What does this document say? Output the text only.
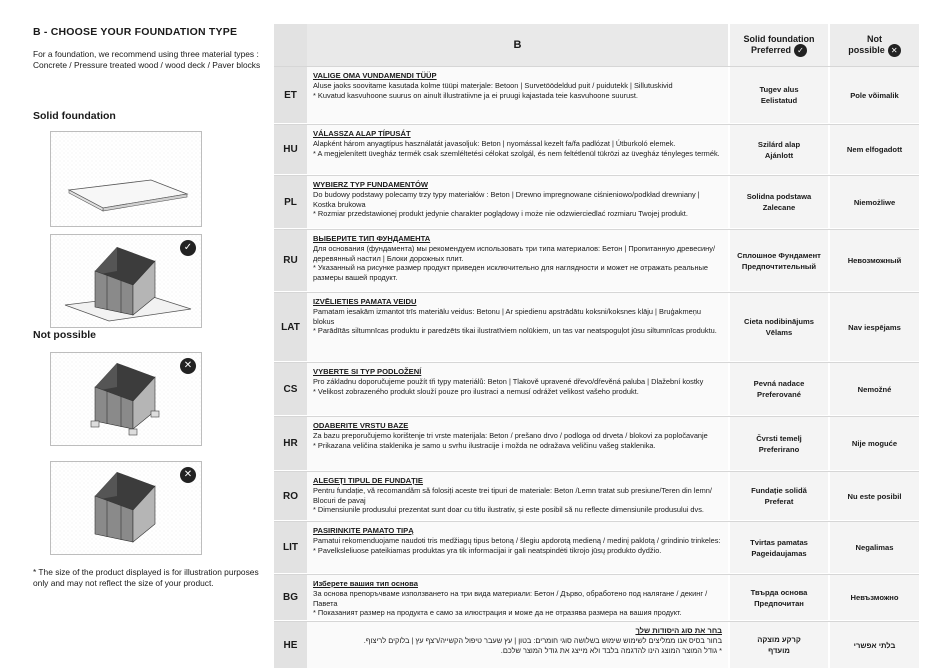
B - CHOOSE YOUR FOUNDATION TYPE
For a foundation, we recommend using three material types : Concrete / Pressure treated wood / wood deck / Paver blocks
Solid foundation
✓
Not possible
✕
✕
* The size of the product displayed is for illustration purposes only and may not reflect the size of your product.
B
Solid foundation
Preferred ✓
Not
possible ✕
ET
VALIGE OMA VUNDAMENDI TÜÜP
Aluse jaoks soovitame kasutada kolme tüüpi materjale: Betoon | Survetöödeldud puit / puidutekk | Sillutuskivid
* Kuvatud kasvuhoone suurus on ainult illustratiivne ja ei pruugi kajastada teie kasvuhoone suurust.
Tugev alus
Eelistatud
Pole võimalik
HU
VÁLASSZA ALAP TÍPUSÁT
Alapként három anyagtípus használatát javasoljuk: Beton | nyomással kezelt fa/fa padlózat | Útburkoló elemek.
* A megjelenített üvegház termék csak szemléltetési célokat szolgál, és nem feltétlenül tükrözi az üvegház tényleges termék.
Szilárd alap
Ajánlott
Nem elfogadott
PL
WYBIERZ TYP FUNDAMENTÓW
Do budowy podstawy polecamy trzy typy materiałów : Beton | Drewno impregnowane ciśnieniowo/podkład drewniany | Kostka brukowa
* Rozmiar przedstawionej produkt jedynie charakter poglądowy i może nie odzwierciedlać rozmiaru Twojej produkt.
Solidna podstawa
Zalecane
Niemożliwe
RU
ВЫБЕРИТЕ ТИП ФУНДАМЕНТА
Для основания (фундамента) мы рекомендуем использовать три типа материалов: Бетон | Пропитанную древесину/деревянный настил | Блоки дорожных плит.
* Указанный на рисунке размер продукт приведен исключительно для наглядности и может не отражать реальные размеры вашей продукт.
Сплошное Фундамент
Предпочтительный
Невозможный
LAT
IZVĒLIETIES PAMATA VEIDU
Pamatam iesakām izmantot trīs materiālu veidus: Betonu | Ar spiedienu apstrādātu koksni/koksnes klāju | Bruģakmeņu blokus
* Parādītās siltumnīcas produktu ir paredzēts tikai ilustratīviem nolūkiem, un tas var neatspoguļot jūsu siltumnīcas produktu.
Cieta nodibinājums
Vēlams
Nav iespējams
CS
VYBERTE SI TYP PODLOŽENÍ
Pro základnu doporučujeme použít tři typy materiálů: Beton | Tlakově upravené dřevo/dřevěná paluba | Dlažební kostky
* Velikost zobrazeného produkt slouží pouze pro ilustraci a nemusí odrážet velikost vašeho produkt.
Pevná nadace
Preferované
Nemožné
HR
ODABERITE VRSTU BAZE
Za bazu preporučujemo korištenje tri vrste materijala: Beton / prešano drvo / podloga od drveta / blokovi za popločavanje
* Prikazana veličina staklenika je samo u svrhu ilustracije i možda ne odražava veličinu vašeg staklenika.
Čvrsti temelj
Preferirano
Nije moguće
RO
ALEGEȚI TIPUL DE FUNDAȚIE
Pentru fundație, vă recomandăm să folosiți aceste trei tipuri de materiale: Beton /Lemn tratat sub presiune/Teren din lemn/ Blocuri de pavaj
* Dimensiunile produsului prezentat sunt doar cu titlu ilustrativ, și este posibil să nu reflecte dimensiunile produsului dvs.
Fundație solidă
Preferat
Nu este posibil
LIT
PASIRINKITE PAMATO TIPĄ
Pamatui rekomenduojame naudoti tris medžiagų tipus betoną / šlegiu apdorotą medieną / medinį paklotą / grindinio trinkeles:
* Pavelksleliuose pateikiamas produktas yra tik informacijai ir gali neatspindėti tikrojo jūsų produkto dydžio.
Tvirtas pamatas
Pageidaujamas
Negalimas
BG
Изберете вашия тип основа
За основа препоръчваме използването на три вида материали: Бетон / Дърво, обработено под налягане / декинг / Павета
* Показаният размер на продукта е само за илюстрация и може да не отразява размера на вашия продукт.
Твърда основа
Предпочитан
Невъзможно
HE
בחר את סוג היסודות שלך
בחור בסיס אנו ממליצים לשימוש שימוש בשלושה סוגי חומרים: בטון | עץ שעבר טיפול הקשייה/רצף עץ | בלוקים לריצוף.
* גודל המוצר המוצג הינו להדגמה בלבד ולא מייצג את גודל המוצר שלכם.
קרקע מוצקה
מועדף
בלתי אפשרי
